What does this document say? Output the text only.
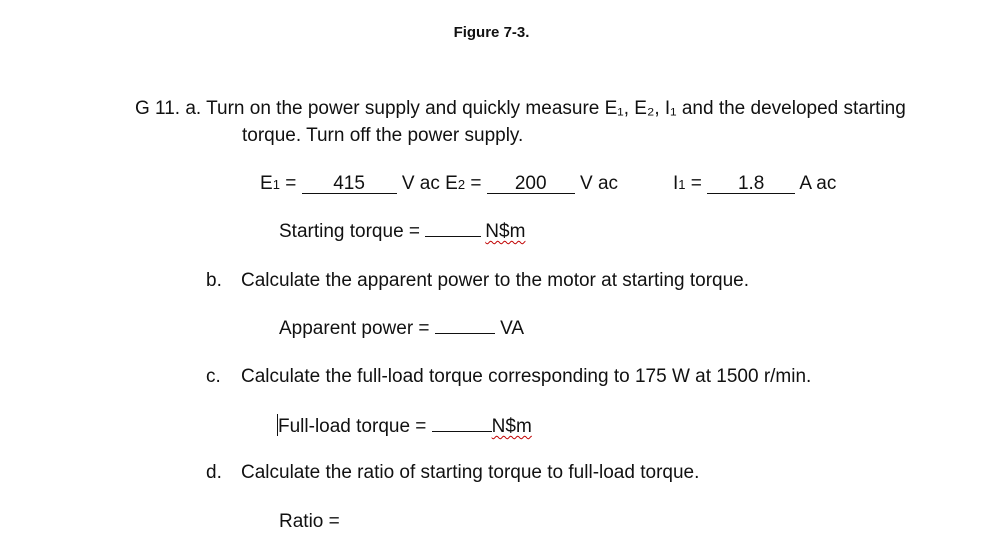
Figure 7-3.
G 11. a. Turn on the power supply and quickly measure E₁, E₂, I₁ and the developed starting
torque. Turn off the power supply.
E1 = 415 V ac E2 = 200 V ac	I1 = 1.8 A ac
Starting torque =	N$m
b. Calculate the apparent power to the motor at starting torque.
Apparent power =	VA
c. Calculate the full-load torque corresponding to 175 W at 1500 r/min.
Full-load torque =	N$m
d. Calculate the ratio of starting torque to full-load torque.
Ratio =
